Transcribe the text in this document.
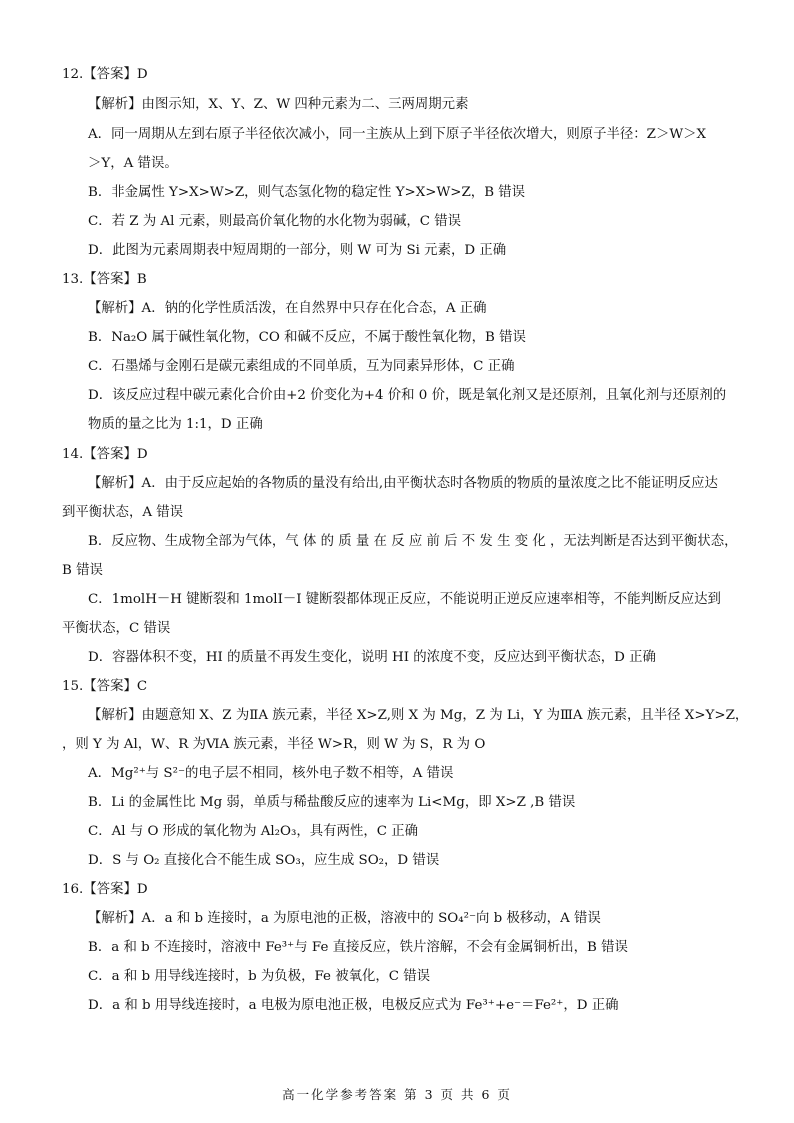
12.【答案】D
【解析】由图示知，X、Y、Z、W 四种元素为二、三两周期元素
A．同一周期从左到右原子半径依次减小，同一主族从上到下原子半径依次增大，则原子半径：Z＞W＞X
＞Y，A 错误。
B．非金属性 Y>X>W>Z，则气态氢化物的稳定性 Y>X>W>Z，B 错误
C．若 Z 为 Al 元素，则最高价氧化物的水化物为弱碱，C 错误
D．此图为元素周期表中短周期的一部分，则 W 可为 Si 元素，D 正确
13.【答案】B
【解析】A．钠的化学性质活泼，在自然界中只存在化合态，A 正确
B．Na₂O 属于碱性氧化物，CO 和碱不反应，不属于酸性氧化物，B 错误
C．石墨烯与金刚石是碳元素组成的不同单质，互为同素异形体，C 正确
D．该反应过程中碳元素化合价由+2 价变化为+4 价和 0 价，既是氧化剂又是还原剂，且氧化剂与还原剂的
物质的量之比为 1:1，D 正确
14.【答案】D
【解析】A．由于反应起始的各物质的量没有给出,由平衡状态时各物质的物质的量浓度之比不能证明反应达
到平衡状态，A 错误
B．反应物、生成物全部为气体，气 体 的 质 量 在 反 应 前 后 不 发 生 变 化 ，无法判断是否达到平衡状态，
B 错误
C．1molH－H 键断裂和 1molI－I 键断裂都体现正反应，不能说明正逆反应速率相等，不能判断反应达到
平衡状态，C 错误
D．容器体积不变，HI 的质量不再发生变化，说明 HI 的浓度不变，反应达到平衡状态，D 正确
15.【答案】C
【解析】由题意知 X、Z 为ⅡA 族元素，半径 X>Z,则 X 为 Mg，Z 为 Li，Y 为ⅢA 族元素，且半径 X>Y>Z，
，则 Y 为 Al，W、R 为ⅥA 族元素，半径 W>R，则 W 为 S，R 为 O
A．Mg²⁺与 S²⁻的电子层不相同，核外电子数不相等，A 错误
B．Li 的金属性比 Mg 弱，单质与稀盐酸反应的速率为 Li<Mg，即 X>Z ,B 错误
C．Al 与 O 形成的氧化物为 Al₂O₃，具有两性，C 正确
D．S 与 O₂ 直接化合不能生成 SO₃，应生成 SO₂，D 错误
16.【答案】D
【解析】A．a 和 b 连接时，a 为原电池的正极，溶液中的 SO₄²⁻向 b 极移动，A 错误
B．a 和 b 不连接时，溶液中 Fe³⁺与 Fe 直接反应，铁片溶解，不会有金属铜析出，B 错误
C．a 和 b 用导线连接时，b 为负极，Fe 被氧化，C 错误
D．a 和 b 用导线连接时，a 电极为原电池正极，电极反应式为 Fe³⁺+e⁻＝Fe²⁺，D 正确
高一化学参考答案 第 3 页 共 6 页
